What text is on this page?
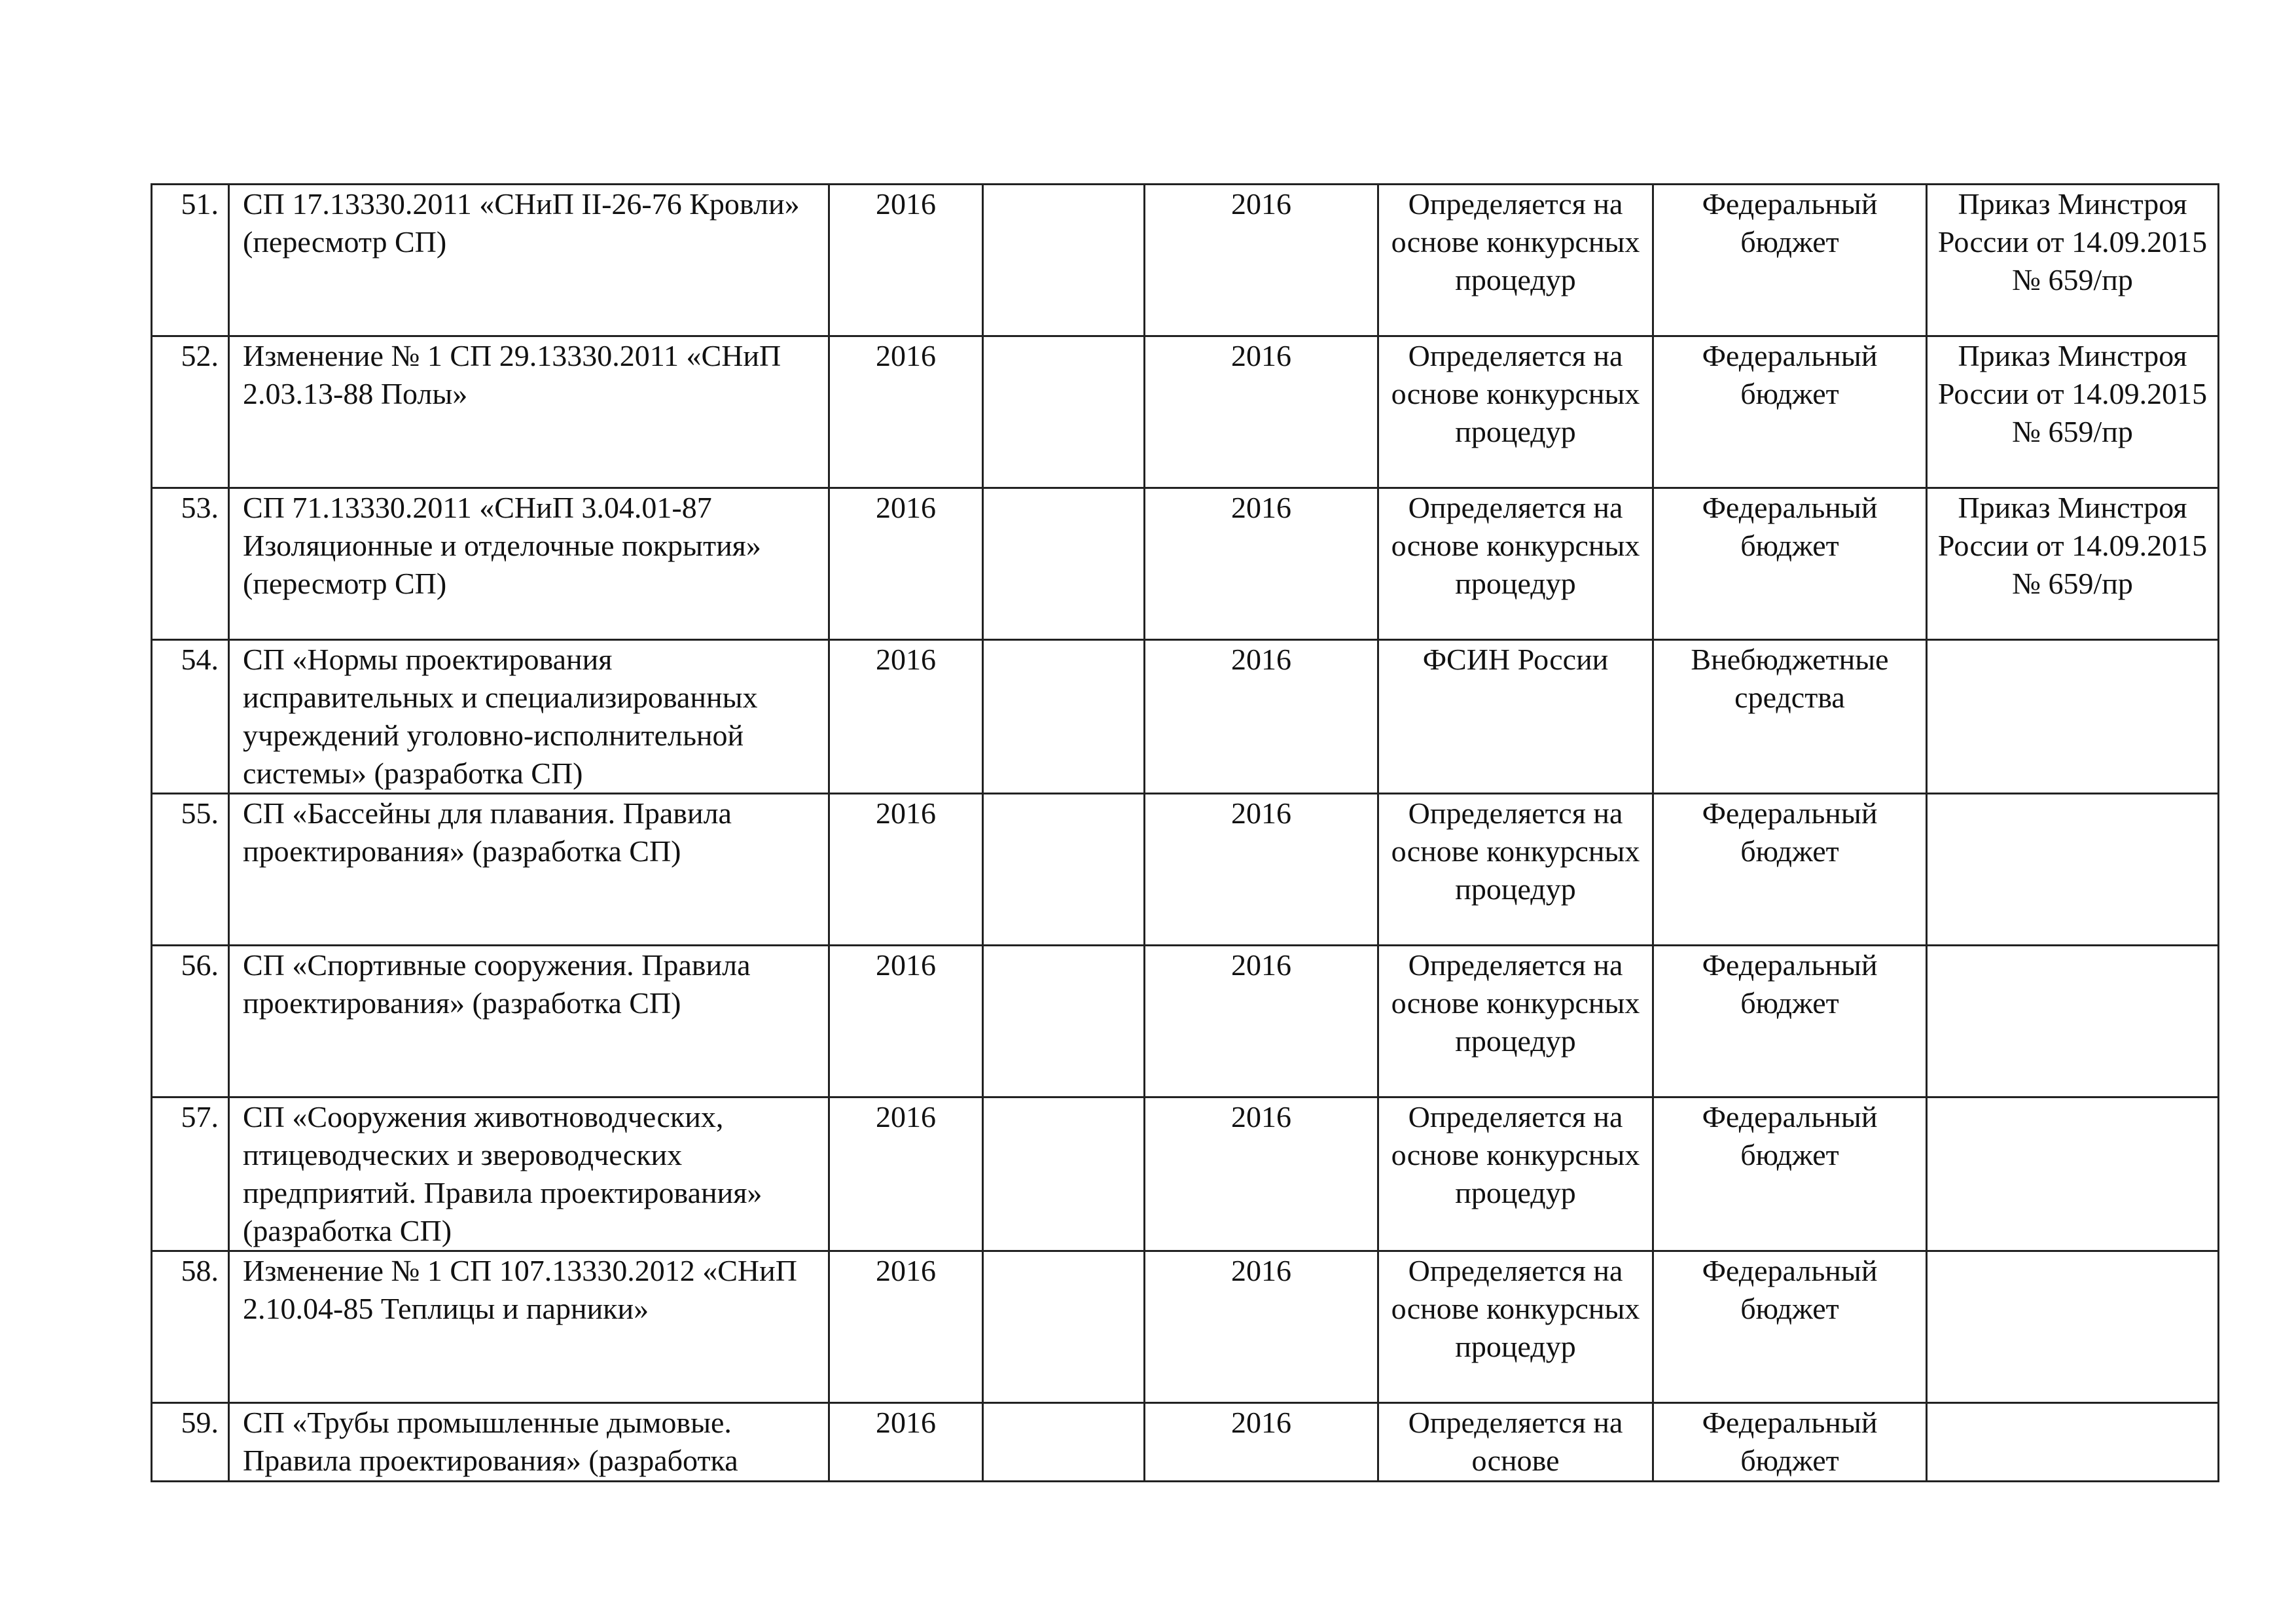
51.	СП 17.13330.2011 «СНиП II-26-76 Кровли» (пересмотр СП)	2016		2016	Определяется на основе конкурсных процедур	Федеральный бюджет	Приказ Минстроя России от 14.09.2015 № 659/пр
52.	Изменение № 1 СП 29.13330.2011 «СНиП 2.03.13-88 Полы»	2016		2016	Определяется на основе конкурсных процедур	Федеральный бюджет	Приказ Минстроя России от 14.09.2015 № 659/пр
53.	СП 71.13330.2011 «СНиП 3.04.01-87 Изоляционные и отделочные покрытия» (пересмотр СП)	2016		2016	Определяется на основе конкурсных процедур	Федеральный бюджет	Приказ Минстроя России от 14.09.2015 № 659/пр
54.	СП «Нормы проектирования исправительных и специализированных учреждений уголовно-исполнительной системы» (разработка СП)	2016		2016	ФСИН России	Внебюджетные средства	
55.	СП «Бассейны для плавания. Правила проектирования» (разработка СП)	2016		2016	Определяется на основе конкурсных процедур	Федеральный бюджет	
56.	СП «Спортивные сооружения. Правила проектирования» (разработка СП)	2016		2016	Определяется на основе конкурсных процедур	Федеральный бюджет	
57.	СП «Сооружения животноводческих, птицеводческих и звероводческих предприятий. Правила проектирования» (разработка СП)	2016		2016	Определяется на основе конкурсных процедур	Федеральный бюджет	
58.	Изменение № 1 СП 107.13330.2012 «СНиП 2.10.04-85 Теплицы и парники»	2016		2016	Определяется на основе конкурсных процедур	Федеральный бюджет	
59.	СП «Трубы промышленные дымовые. Правила проектирования» (разработка	2016		2016	Определяется на основе	Федеральный бюджет	
